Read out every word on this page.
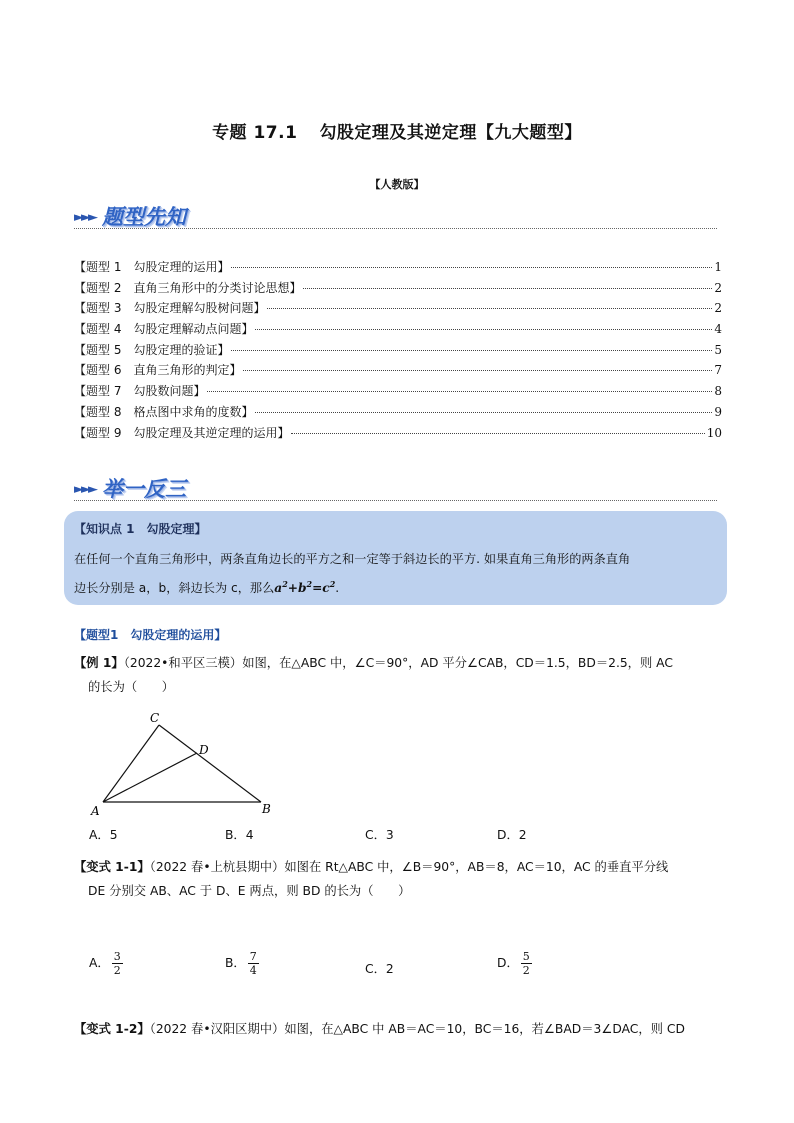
专题 17.1 勾股定理及其逆定理【九大题型】
【人教版】
►►► 题型先知
【题型 1 勾股定理的运用】	1
【题型 2 直角三角形中的分类讨论思想】	2
【题型 3 勾股定理解勾股树问题】	2
【题型 4 勾股定理解动点问题】	4
【题型 5 勾股定理的验证】	5
【题型 6 直角三角形的判定】	7
【题型 7 勾股数问题】	8
【题型 8 格点图中求角的度数】	9
【题型 9 勾股定理及其逆定理的运用】	10
►►► 举一反三
【知识点 1　勾股定理】
在任何一个直角三角形中，两条直角边长的平方之和一定等于斜边长的平方. 如果直角三角形的两条直角
边长分别是 a，b，斜边长为 c，那么$a^2+b^2=c^2$.
【题型1 勾股定理的运用】
【例 1】（2022•和平区三模）如图，在△ABC 中，∠C＝90°，AD 平分∠CAB，CD＝1.5，BD＝2.5，则 AC
的长为（　　）
C
D
A	B
A．5	B．4	C．3	D．2
【变式 1-1】（2022 春•上杭县期中）如图在 Rt△ABC 中，∠B＝90°，AB＝8，AC＝10，AC 的垂直平分线
DE 分别交 AB、AC 于 D、E 两点，则 BD 的长为（　　）
A． $\frac{3}{2}$	B． $\frac{7}{4}$	C．2	D． $\frac{5}{2}$
【变式 1-2】（2022 春•汉阳区期中）如图，在△ABC 中 AB＝AC＝10，BC＝16，若∠BAD＝3∠DAC，则 CD
